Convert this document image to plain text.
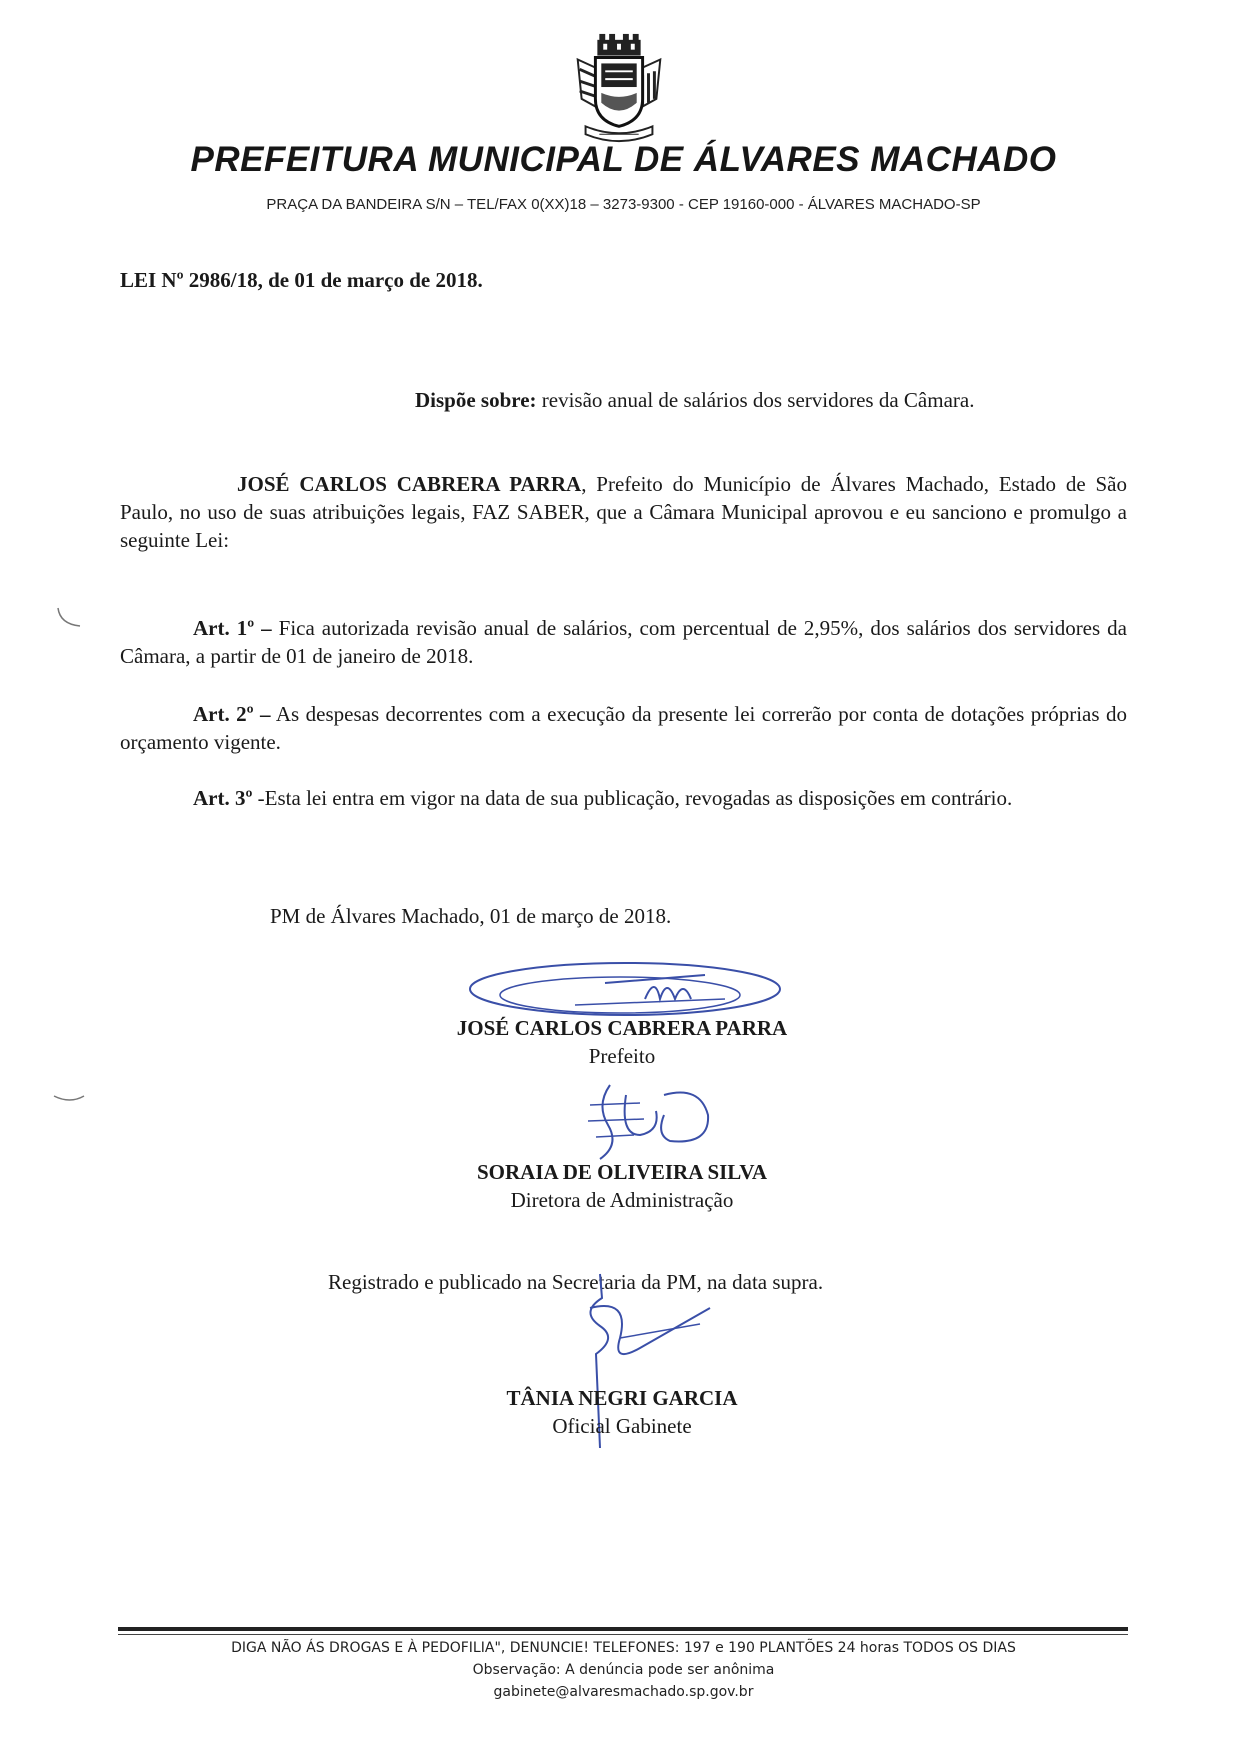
PREFEITURA MUNICIPAL DE ÁLVARES MACHADO
PRAÇA DA BANDEIRA S/N – TEL/FAX 0(XX)18 – 3273-9300 - CEP 19160-000 - ÁLVARES MACHADO-SP
LEI Nº 2986/18, de 01 de março de 2018.
Dispõe sobre: revisão anual de salários dos servidores da Câmara.
JOSÉ CARLOS CABRERA PARRA, Prefeito do Município de Álvares Machado, Estado de São Paulo, no uso de suas atribuições legais, FAZ SABER, que a Câmara Municipal aprovou e eu sanciono e promulgo a seguinte Lei:
Art. 1º – Fica autorizada revisão anual de salários, com percentual de 2,95%, dos salários dos servidores da Câmara, a partir de 01 de janeiro de 2018.
Art. 2º – As despesas decorrentes com a execução da presente lei correrão por conta de dotações próprias do orçamento vigente.
Art. 3º -Esta lei entra em vigor na data de sua publicação, revogadas as disposições em contrário.
PM de Álvares Machado, 01 de março de 2018.
JOSÉ CARLOS CABRERA PARRA
Prefeito
SORAIA DE OLIVEIRA SILVA
Diretora de Administração
Registrado e publicado na Secretaria da PM, na data supra.
TÂNIA NEGRI GARCIA
Oficial Gabinete
DIGA NÃO ÁS DROGAS E À PEDOFILIA", DENUNCIE! TELEFONES: 197 e 190 PLANTÕES 24 horas TODOS OS DIAS
Observação: A denúncia pode ser anônima
gabinete@alvaresmachado.sp.gov.br
